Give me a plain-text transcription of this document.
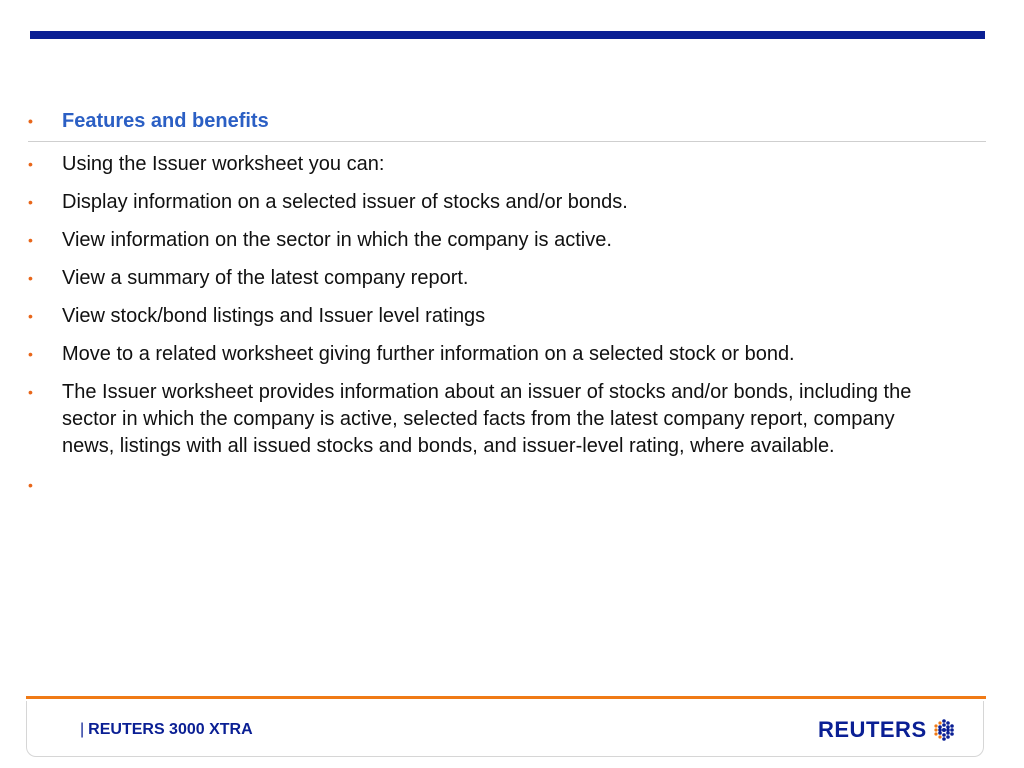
• Features and benefits
• Using the Issuer worksheet you can:
• Display information on a selected issuer of stocks and/or bonds.
• View information on the sector in which the company is active.
• View a summary of the latest company report.
• View stock/bond listings and Issuer level ratings
• Move to a related worksheet giving further information on a selected stock or bond.
• The Issuer worksheet provides information about an issuer of stocks and/or bonds, including the sector in which the company is active, selected facts from the latest company report, company news, listings with all issued stocks and bonds, and issuer-level rating, where available.
•
| REUTERS 3000 XTRA	REUTERS
